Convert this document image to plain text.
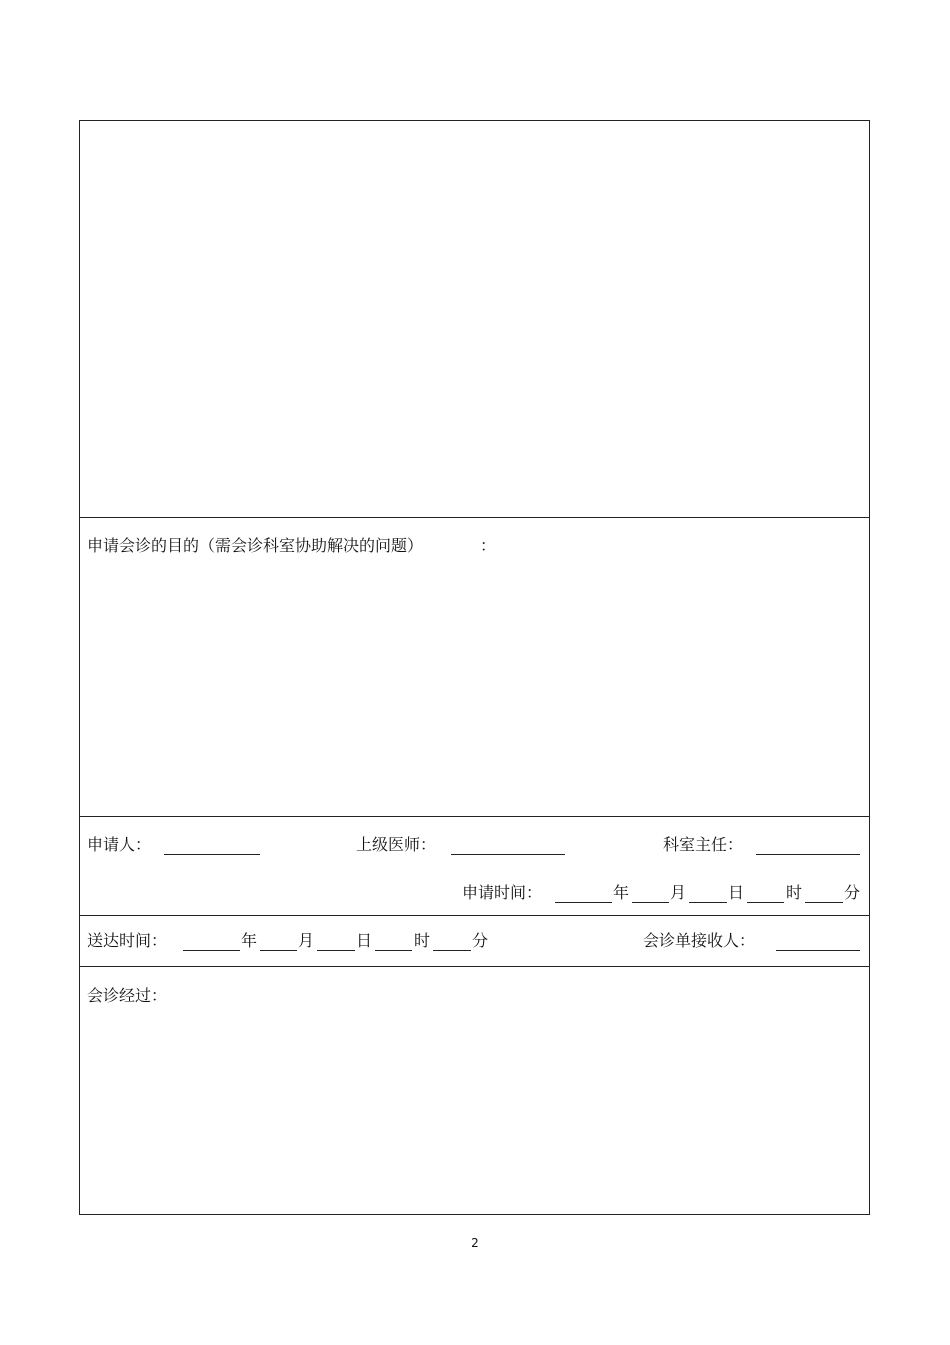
申请会诊的目的（需会诊科室协助解决的问题）	：
申请人：	上级医师：	科室主任：
申请时间：	年	月	日	时	分
送达时间：	年	月	日	时	分	会诊单接收人：
会诊经过：
2
